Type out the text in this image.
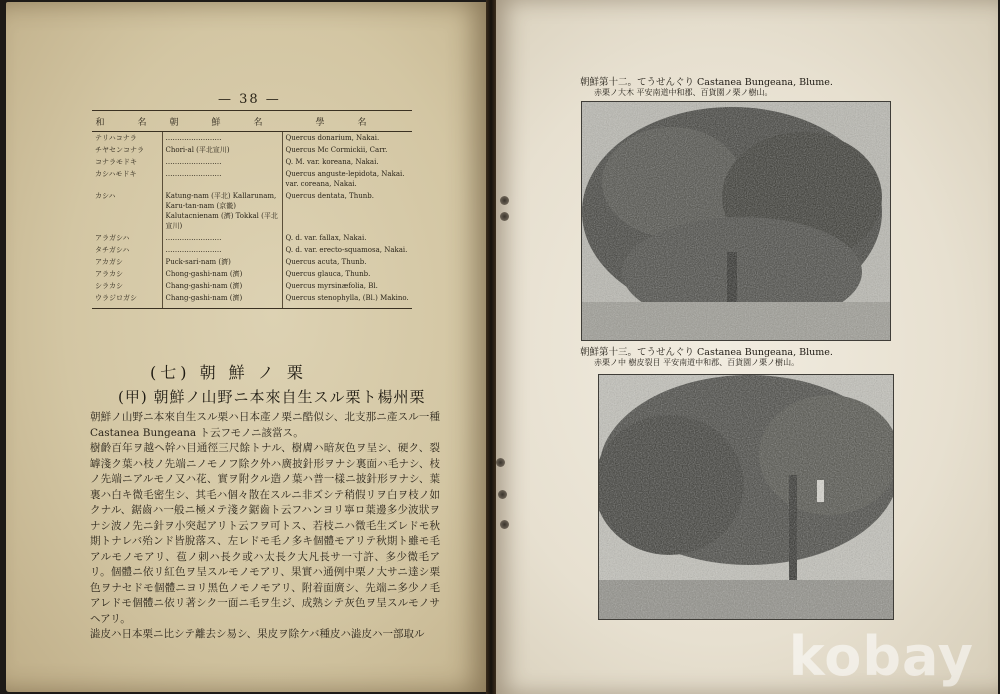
— 38 —
和　名	朝　鮮　名	學　名
テリハコナラ	……………………	Quercus donarium, Nakai.
チヤセンコナラ	Chori-al (平北宣川)	Quercus Mc Cormickii, Carr.
コナラモドキ	……………………	Q. M. var. koreana, Nakai.
カシハモドキ	……………………	Quercus anguste-lepidota, Nakai. var. coreana, Nakai.
カシハ	Katung-nam (平北) Kallarunam, Karu-tan-nam (京畿) Kalutacnienam (濟) Tokkal (平北宣川)	Quercus dentata, Thunb.
アラガシハ	……………………	Q. d. var. fallax, Nakai.
タチガシハ	……………………	Q. d. var. erecto-squamosa, Nakai.
アカガシ	Puck-sari-nam (濟)	Quercus acuta, Thunb.
アラカシ	Chong-gashi-nam (濟)	Quercus glauca, Thunb.
シラカシ	Chang-gashi-nam (濟)	Quercus myrsinæfolia, Bl.
ウラジロガシ	Chang-gashi-nam (濟)	Quercus stenophylla, (Bl.) Makino.

(七) 朝 鮮 ノ 栗
(甲) 朝鮮ノ山野ニ本來自生スル栗ト楊州栗

朝鮮ノ山野ニ本來自生スル栗ハ日本產ノ栗ニ酷似シ、北支那ニ產スル一種 Castanea Bungeana ト云フモノニ該當ス。

樹齡百年ヲ越ヘ幹ハ目通徑三尺餘トナル、樹膚ハ暗灰色ヲ呈シ、硬ク、裂罅淺ク葉ハ枝ノ先端ニノモノフ除ク外ハ廣披針形ヲナシ裏面ハ毛ナシ、枝ノ先端ニアルモノ又ハ花、實ヲ附クル造ノ葉ハ普一樣ニ披針形ヲナシ、葉裏ハ白キ微毛密生シ、其毛ハ個々散在スルニ非ズシテ稍假リヲ白ヲ枝ノ如クナル、鋸齒ハ一般ニ極メテ淺ク鋸齒ト云フハンヨリ寧ロ葉邊多少波狀ヲナシ波ノ先ニ針ヲ小突起アリト云フヲ可トス、若枝ニハ微毛生ズレドモ秋期トナレバ殆ンド皆脫落ス、左レドモ毛ノ多キ個體モアリテ秋期ト雖モ毛アルモノモアリ、苞ノ刺ハ長ク或ハ太長ク大凡長サ一寸許、多少微毛アリ。個體ニ依リ紅色ヲ呈スルモノモアリ、果實ハ通例中栗ノ大サニ達シ栗色ヲナセドモ個體ニヨリ黑色ノモノモアリ、附着面廣シ、先端ニ多少ノ毛アレドモ個體ニ依リ著シク一面ニ毛ヲ生ジ、成熟シテ灰色ヲ呈スルモノサヘアリ。

澁皮ハ日本栗ニ比シテ離去シ易シ、果皮ヲ除ケバ種皮ハ澁皮ハ一部取ル

朝鮮第十二。てうせんぐり Castanea Bungeana, Blume.
赤栗ノ大木 平安南道中和郡、百貨園ノ栗ノ樹山。
朝鮮第十三。てうせんぐり Castanea Bungeana, Blume.
赤栗ノ中 樹皮裂目 平安南道中和郡、百貨園ノ栗ノ樹山。
kobay
